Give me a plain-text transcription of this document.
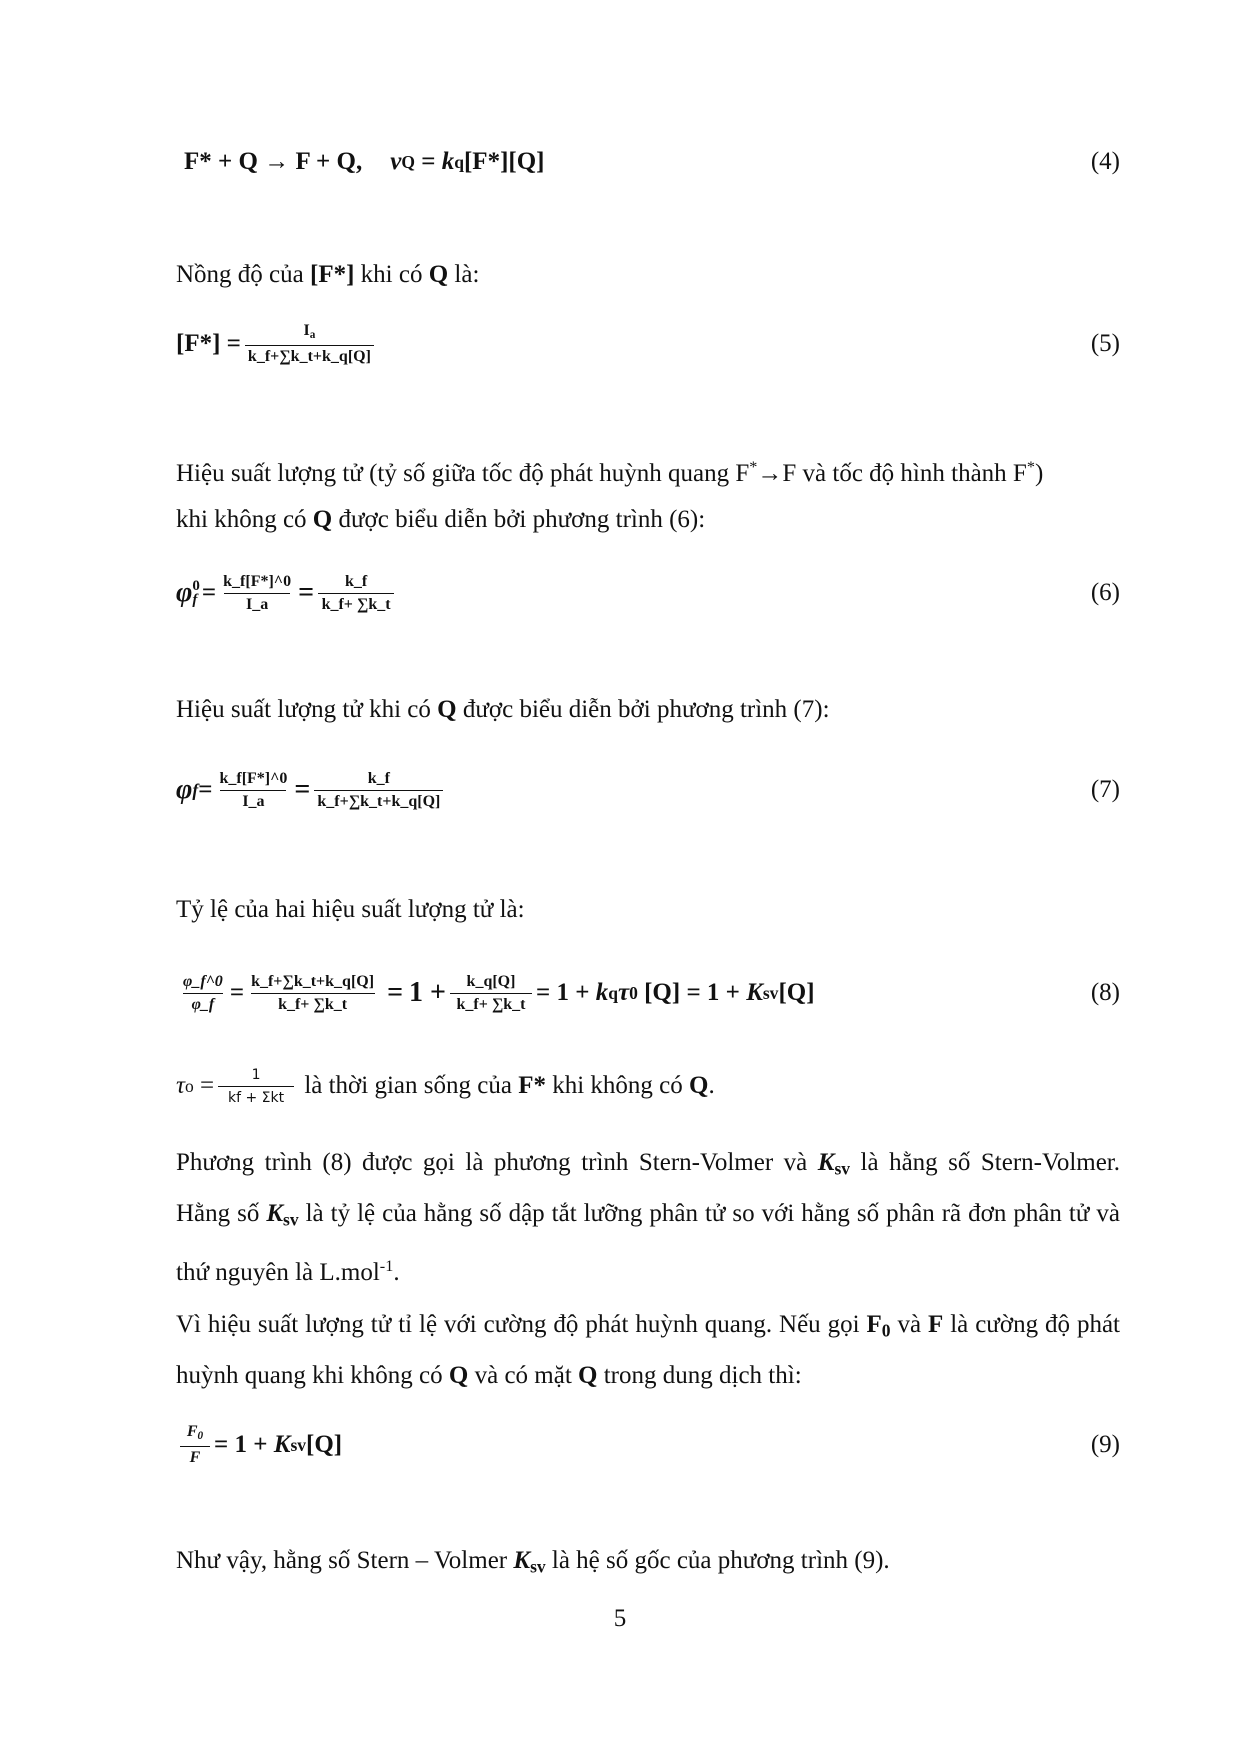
F* + Q → F + Q, v Q = k q [F*][Q]	(4)

Nồng độ của [F*] khi có Q là:

$[F*] = \frac{I_a}{k\_f+\sum k\_t+k\_q[Q]}$	(5)

Hiệu suất lượng tử (tỷ số giữa tốc độ phát huỳnh quang F*→F và tốc độ hình thành F*)

khi không có Q được biểu diễn bởi phương trình (6):

φ 0
$f = \frac{k\_f[F*]\^{}0}{I\_a} = \frac{k\_f}{k\_f+ \sum k\_t}$	(6)

Hiệu suất lượng tử khi có Q được biểu diễn bởi phương trình (7):

φ $f = \frac{k\_f[F*]\^{}0}{I\_a} = \frac{k\_f}{k\_f+\sum k\_t+k\_q[Q]}$	(7)

Tỷ lệ của hai hiệu suất lượng tử là:

$\frac{\varphi\_f\^{}0}{\varphi\_f} = \frac{k\_f+\sum k\_t+k\_q[Q]}{k\_f+ \sum k\_t} = 1 + \frac{k\_q[Q]}{k\_f+ \sum k\_t} = 1 + k$ q τ 0 [Q] = 1 + K sv [Q]	(8)
τ $o = \frac{1}{\text{kf + Σkt}}$ là thời gian sống của F* khi không có Q .

Phương trình (8) được gọi là phương trình Stern-Volmer và $K_{sv}$ là hằng số Stern-Volmer. Hằng số $K_{sv}$ là tỷ lệ của hằng số dập tắt lưỡng phân tử so với hằng số phân rã đơn phân tử và thứ nguyên là L.mol$^{-1}$.

Vì hiệu suất lượng tử tỉ lệ với cường độ phát huỳnh quang. Nếu gọi $F_0$ và F là cường độ phát huỳnh quang khi không có Q và có mặt Q trong dung dịch thì:

$\frac{F_0}{F} = 1 + K$ sv [Q]	(9)

Như vậy, hằng số Stern – Volmer $K_{sv}$ là hệ số gốc của phương trình (9).

5
